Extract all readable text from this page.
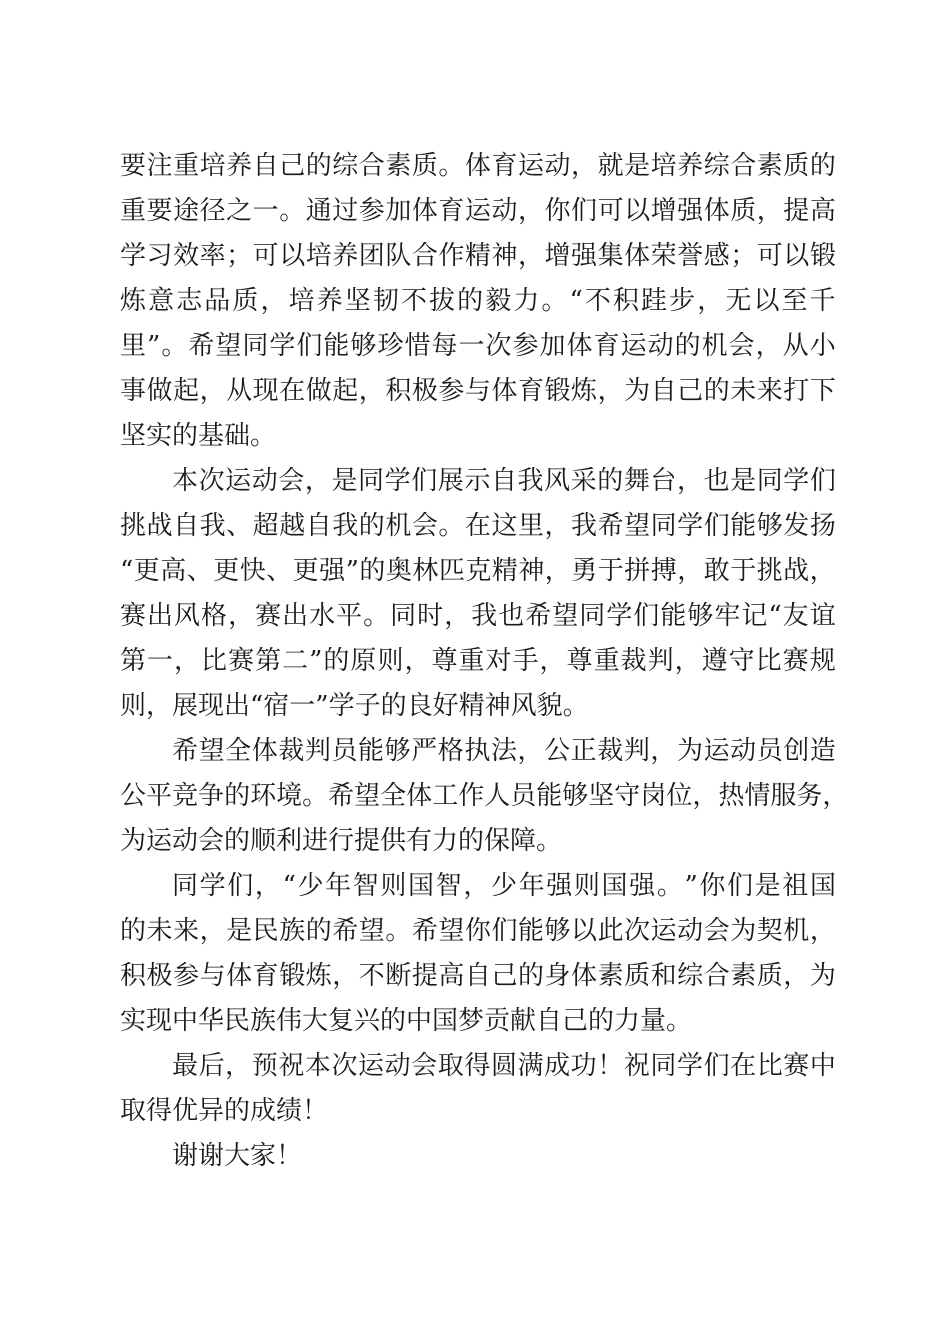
要 注 重 培 养 自 己 的 综 合 素 质 。 体 育 运 动 ， 就 是 培 养 综 合 素 质 的
重 要 途 径 之 一 。 通 过 参 加 体 育 运 动 ， 你 们 可 以 增 强 体 质 ， 提 高
学 习 效 率 ； 可 以 培 养 团 队 合 作 精 神 ， 增 强 集 体 荣 誉 感 ； 可 以 锻
炼 意 志 品 质 ， 培 养 坚 韧 不 拔 的 毅 力 。 “ 不 积 跬 步 ， 无 以 至 千
里 ” 。 希 望 同 学 们 能 够 珍 惜 每 一 次 参 加 体 育 运 动 的 机 会 ， 从 小
事 做 起 ， 从 现 在 做 起 ， 积 极 参 与 体 育 锻 炼 ， 为 自 己 的 未 来 打 下
坚实的基础。
本 次 运 动 会 ， 是 同 学 们 展 示 自 我 风 采 的 舞 台 ， 也 是 同 学 们
挑 战 自 我 、 超 越 自 我 的 机 会 。 在 这 里 ， 我 希 望 同 学 们 能 够 发 扬
“ 更 高 、 更 快 、 更 强 ” 的 奥 林 匹 克 精 神 ， 勇 于 拼 搏 ， 敢 于 挑 战 ，
赛 出 风 格 ， 赛 出 水 平 。 同 时 ， 我 也 希 望 同 学 们 能 够 牢 记 “ 友 谊
第 一 ， 比 赛 第 二 ” 的 原 则 ， 尊 重 对 手 ， 尊 重 裁 判 ， 遵 守 比 赛 规
则，展现出“宿一”学子的良好精神风貌。
希 望 全 体 裁 判 员 能 够 严 格 执 法 ， 公 正 裁 判 ， 为 运 动 员 创 造
公 平 竞 争 的 环 境 。 希 望 全 体 工 作 人 员 能 够 坚 守 岗 位 ， 热 情 服 务 ，
为运动会的顺利进行提供有力的保障。
同 学 们 ， “ 少 年 智 则 国 智 ， 少 年 强 则 国 强 。 ” 你 们 是 祖 国
的 未 来 ， 是 民 族 的 希 望 。 希 望 你 们 能 够 以 此 次 运 动 会 为 契 机 ，
积 极 参 与 体 育 锻 炼 ， 不 断 提 高 自 己 的 身 体 素 质 和 综 合 素 质 ， 为
实现中华民族伟大复兴的中国梦贡献自己的力量。
最 后 ， 预 祝 本 次 运 动 会 取 得 圆 满 成 功 ！ 祝 同 学 们 在 比 赛 中
取得优异的成绩！
谢谢大家！
